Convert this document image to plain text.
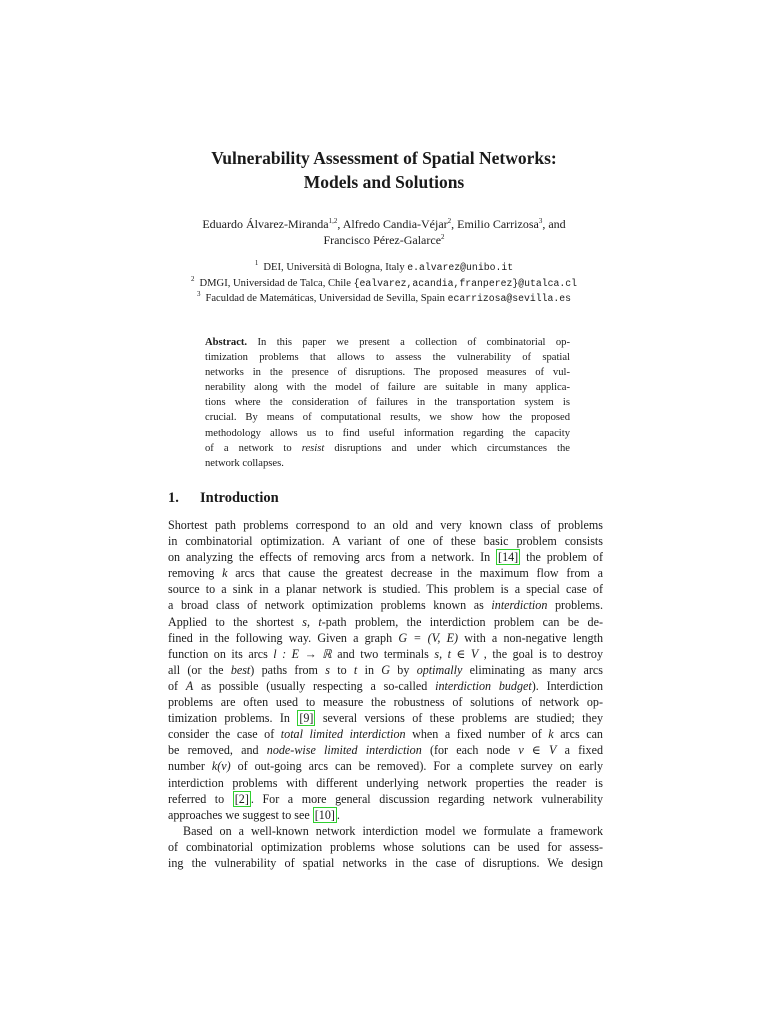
Vulnerability Assessment of Spatial Networks:
Models and Solutions
Eduardo Álvarez-Miranda$^{1,2}$, Alfredo Candia-Véjar$^2$, Emilio Carrizosa$^3$, and
Francisco Pérez-Galarce$^2$
$^1$ DEI, Università di Bologna, Italy e.alvarez@unibo.it
$^2$ DMGI, Universidad de Talca, Chile {ealvarez,acandia,franperez}@utalca.cl
$^3$ Faculdad de Matemáticas, Universidad de Sevilla, Spain ecarrizosa@sevilla.es
Abstract. In this paper we present a collection of combinatorial op-
timization problems that allows to assess the vulnerability of spatial
networks in the presence of disruptions. The proposed measures of vul-
nerability along with the model of failure are suitable in many applica-
tions where the consideration of failures in the transportation system is
crucial. By means of computational results, we show how the proposed
methodology allows us to find useful information regarding the capacity
of a network to resist disruptions and under which circumstances the
network collapses.
1. Introduction
Shortest path problems correspond to an old and very known class of problems
in combinatorial optimization. A variant of one of these basic problem consists
on analyzing the effects of removing arcs from a network. In [14] the problem of
removing k arcs that cause the greatest decrease in the maximum flow from a
source to a sink in a planar network is studied. This problem is a special case of
a broad class of network optimization problems known as interdiction problems.
Applied to the shortest s, t-path problem, the interdiction problem can be de-
fined in the following way. Given a graph G = (V, E) with a non-negative length
function on its arcs l : E → ℝ and two terminals s, t ∈ V , the goal is to destroy
all (or the best) paths from s to t in G by optimally eliminating as many arcs
of A as possible (usually respecting a so-called interdiction budget). Interdiction
problems are often used to measure the robustness of solutions of network op-
timization problems. In [9] several versions of these problems are studied; they
consider the case of total limited interdiction when a fixed number of k arcs can
be removed, and node-wise limited interdiction (for each node v ∈ V a fixed
number k(v) of out-going arcs can be removed). For a complete survey on early
interdiction problems with different underlying network properties the reader is
referred to [2] . For a more general discussion regarding network vulnerability
approaches we suggest to see [10] .
Based on a well-known network interdiction model we formulate a framework
of combinatorial optimization problems whose solutions can be used for assess-
ing the vulnerability of spatial networks in the case of disruptions. We design
